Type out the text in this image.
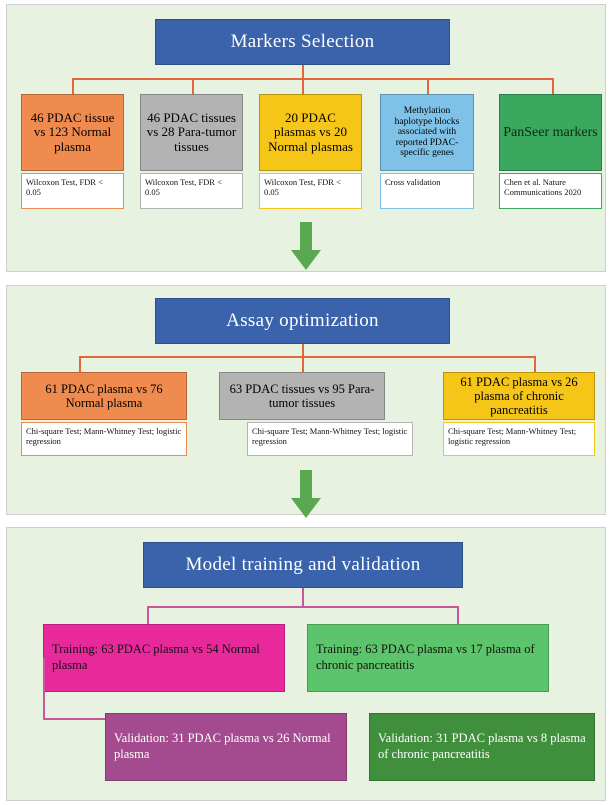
Markers Selection
46 PDAC tissue vs 123 Normal plasma
Wilcoxon Test, FDR < 0.05
46 PDAC tissues vs 28 Para-tumor tissues
Wilcoxon Test, FDR < 0.05
20 PDAC plasmas vs 20 Normal plasmas
Wilcoxon Test, FDR < 0.05
Methylation haplotype blocks associated with reported PDAC-specific genes
Cross validation
PanSeer markers
Chen et al. Nature Communications 2020
Assay optimization
61 PDAC plasma vs 76 Normal plasma
Chi-square Test; Mann-Whitney Test; logistic regression
63 PDAC tissues vs 95 Para-tumor tissues
Chi-square Test; Mann-Whitney Test; logistic regression
61 PDAC plasma vs 26 plasma of chronic pancreatitis
Chi-square Test; Mann-Whitney Test; logistic regression
Model training and validation
Training: 63 PDAC plasma vs 54 Normal plasma
Training: 63 PDAC plasma vs 17 plasma of chronic pancreatitis
Validation: 31 PDAC plasma vs 26 Normal plasma
Validation: 31 PDAC plasma vs 8 plasma of chronic pancreatitis
